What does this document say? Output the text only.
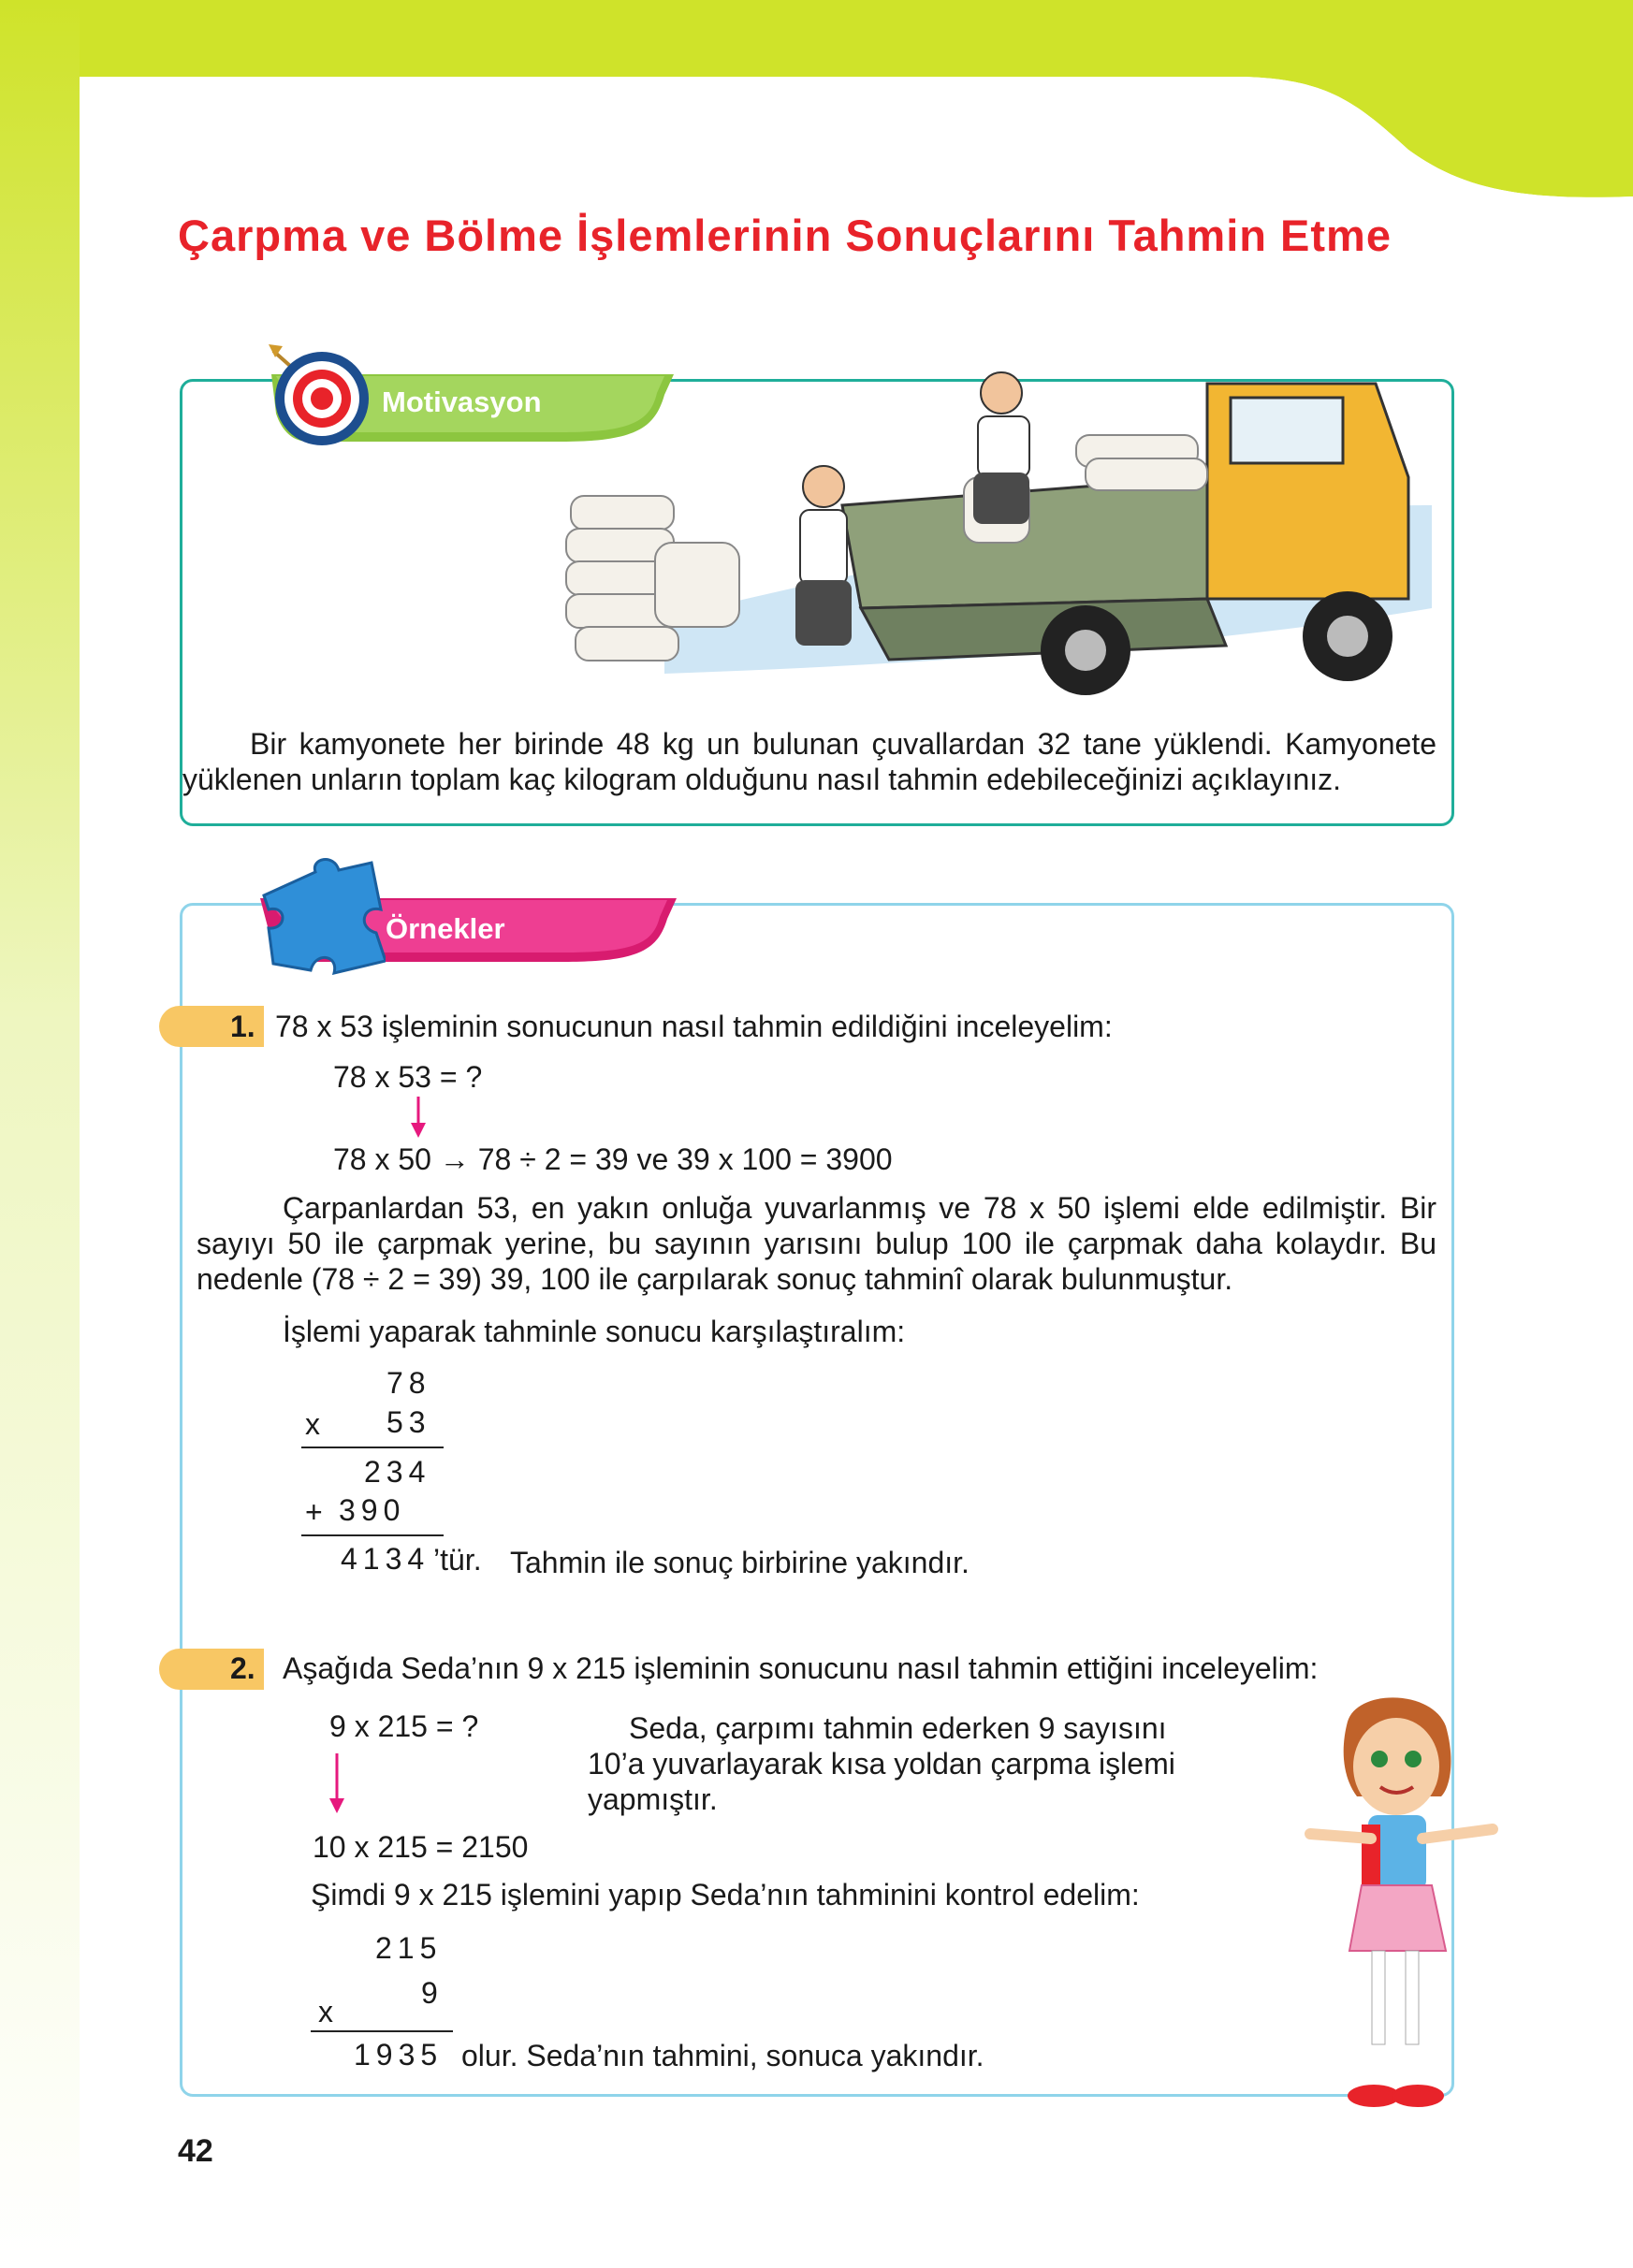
Çarpma ve Bölme İşlemlerinin Sonuçlarını Tahmin Etme
Motivasyon
Bir kamyonete her birinde 48 kg un bulunan çuvallardan 32 tane yüklendi. Kamyonete yüklenen unların toplam kaç kilogram olduğunu nasıl tahmin edebileceğinizi açıklayınız.
Örnekler
1. 78 x 53 işleminin sonucunun nasıl tahmin edildiğini inceleyelim:
78 x 53 = ?
78 x 50 → 78 ÷ 2 = 39 ve 39 x 100 = 3900
Çarpanlardan 53, en yakın onluğa yuvarlanmış ve 78 x 50 işlemi elde edilmiştir. Bir sayıyı 50 ile çarpmak yerine, bu sayının yarısını bulup 100 ile çarpmak daha kolaydır. Bu nedenle (78 ÷ 2 = 39) 39, 100 ile çarpılarak sonuç tahminî olarak bulunmuştur.
İşlemi yaparak tahminle sonucu karşılaştıralım:
78
x 53
234
+ 390
4134 ’tür. Tahmin ile sonuç birbirine yakındır.
2. Aşağıda Seda’nın 9 x 215 işleminin sonucunu nasıl tahmin ettiğini inceleyelim:
9 x 215 = ?
10 x 215 = 2150
Seda, çarpımı tahmin ederken 9 sayısını 10’a yuvarlayarak kısa yoldan çarpma işlemi yapmıştır.
Şimdi 9 x 215 işlemini yapıp Seda’nın tahminini kontrol edelim:
215
x
9
1935 olur. Seda’nın tahmini, sonuca yakındır.
42
